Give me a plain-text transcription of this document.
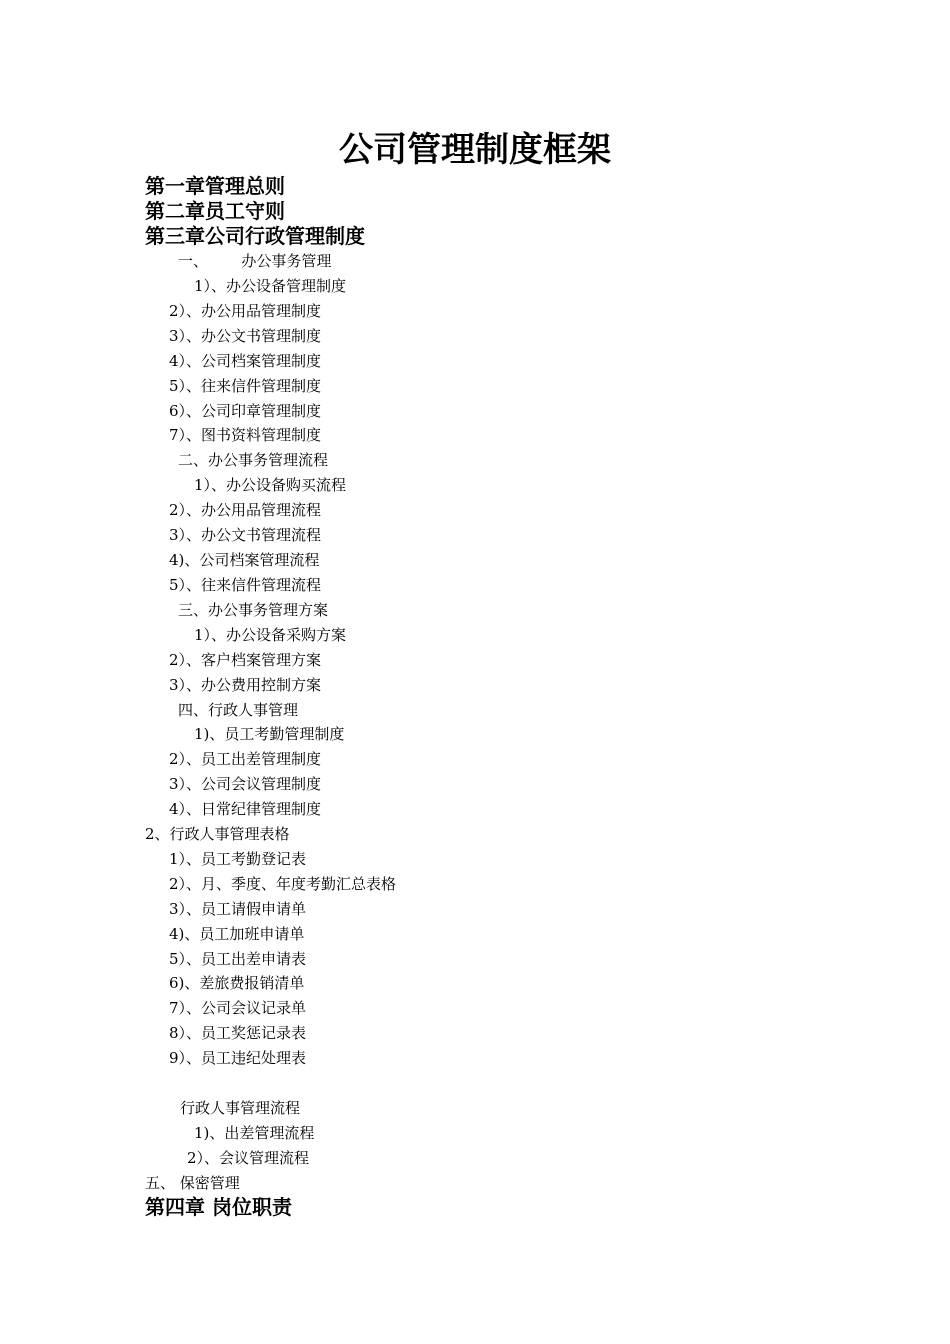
公司管理制度框架
第一章管理总则
第二章员工守则
第三章公司行政管理制度
一、       办公事务管理
1）、办公设备管理制度
2）、办公用品管理制度
3）、办公文书管理制度
4）、公司档案管理制度
5）、往来信件管理制度
6）、公司印章管理制度
7）、图书资料管理制度
二、办公事务管理流程
1）、办公设备购买流程
2）、办公用品管理流程
3）、办公文书管理流程
4)、公司档案管理流程
5）、往来信件管理流程
三、办公事务管理方案
1）、办公设备采购方案
2）、客户档案管理方案
3）、办公费用控制方案
四、行政人事管理
1)、员工考勤管理制度
2）、员工出差管理制度
3）、公司会议管理制度
4）、日常纪律管理制度
2、行政人事管理表格
1）、员工考勤登记表
2）、月、季度、年度考勤汇总表格
3）、员工请假申请单
4)、员工加班申请单
5）、员工出差申请表
6)、差旅费报销清单
7）、公司会议记录单
8）、员工奖惩记录表
9）、员工违纪处理表
行政人事管理流程
1)、出差管理流程
2）、会议管理流程
五、 保密管理
第四章 岗位职责
